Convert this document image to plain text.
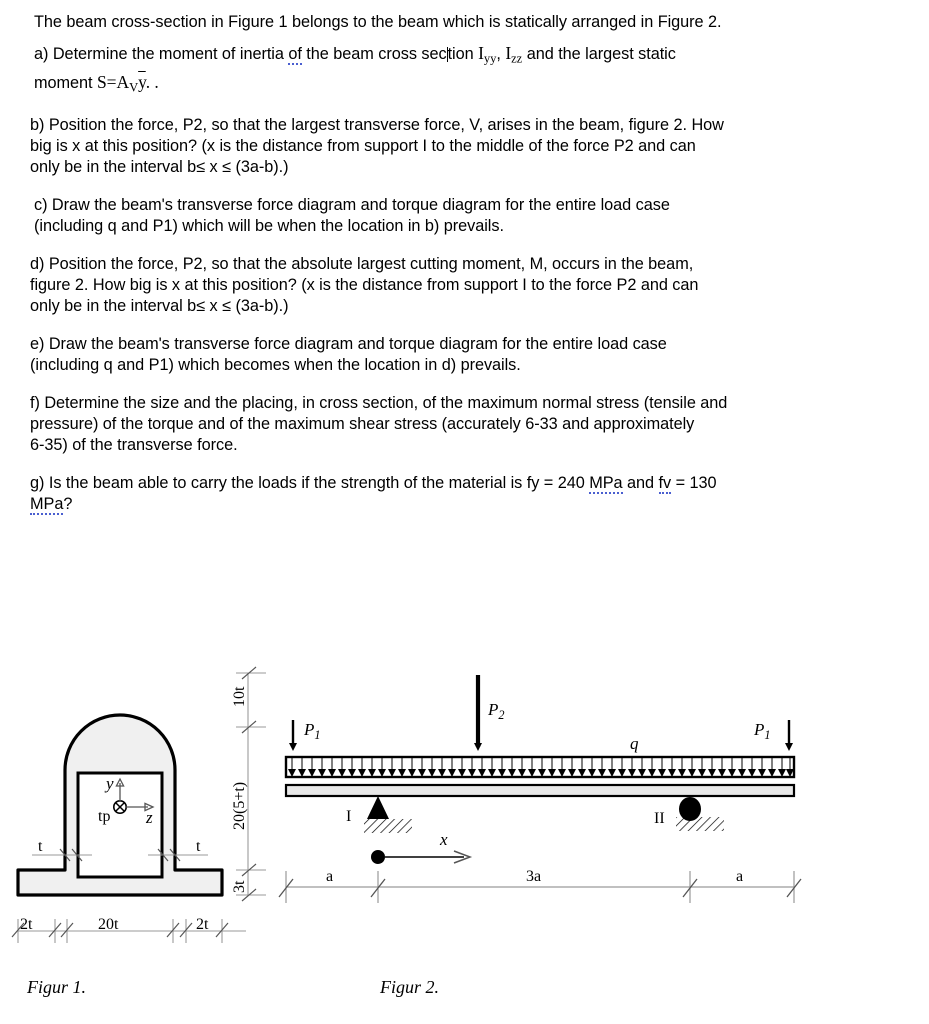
The beam cross-section in Figure 1 belongs to the beam which is statically arranged in Figure 2.

a) Determine the moment of inertia of the beam cross section $I_{yy}$, $I_{zz}$ and the largest static

moment $S=A_V\overline{y}$. .

b) Position the force, P2, so that the largest transverse force, V, arises in the beam, figure 2. How
big is x at this position? (x is the distance from support I to the middle of the force P2 and can
only be in the interval b≤ x ≤ (3a-b).)

c) Draw the beam's transverse force diagram and torque diagram for the entire load case
(including q and P1) which will be when the location in b) prevails.

d) Position the force, P2, so that the absolute largest cutting moment, M, occurs in the beam,
figure 2. How big is x at this position? (x is the distance from support I to the force P2 and can
only be in the interval b≤ x ≤ (3a-b).)

e) Draw the beam's transverse force diagram and torque diagram for the entire load case
(including q and P1) which becomes when the location in d) prevails.

f) Determine the size and the placing, in cross section, of the maximum normal stress (tensile and
pressure) of the torque and of the maximum shear stress (accurately 6-33 and approximately
6-35) of the transverse force.

g) Is the beam able to carry the loads if the strength of the material is fy = 240 MPa and fv = 130
MPa?

y
z
tp
t	t
10t
20(5+t)
3t
2t	20t	2t
q
$P_1$
$P_2$
$P_1$
I	II
x
a	3a	a
Figur 1.	Figur 2.
